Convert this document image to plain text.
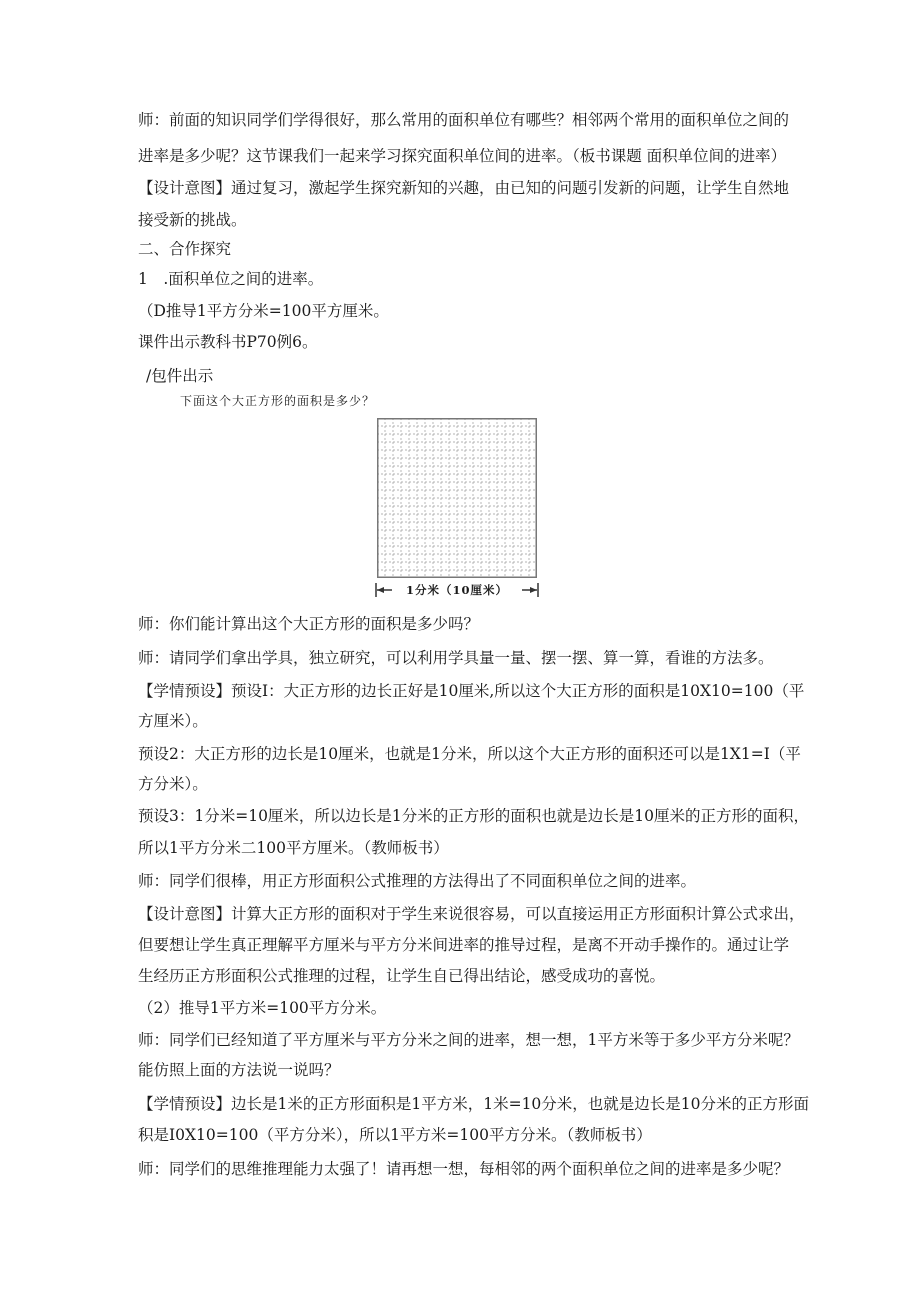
师：前面的知识同学们学得很好，那么常用的面积单位有哪些？相邻两个常用的面积单位之间的
进率是多少呢？这节课我们一起来学习探究面积单位间的进率。（板书课题 面积单位间的进率）
【设计意图】通过复习，激起学生探究新知的兴趣，由已知的问题引发新的问题，让学生自然地
接受新的挑战。
二、合作探究
1　.面积单位之间的进率。
（D推导1平方分米=100平方厘米。
课件出示教科书P70例6。
/包件出示
下面这个大正方形的面积是多少？
1分米（10厘米）
师：你们能计算出这个大正方形的面积是多少吗？
师：请同学们拿出学具，独立研究，可以利用学具量一量、摆一摆、算一算，看谁的方法多。
【学情预设】预设I：大正方形的边长正好是10厘米,所以这个大正方形的面积是10X10=100（平
方厘米）。
预设2：大正方形的边长是10厘米，也就是1分米，所以这个大正方形的面积还可以是1X1=I（平
方分米）。
预设3：1分米=10厘米，所以边长是1分米的正方形的面积也就是边长是10厘米的正方形的面积，
所以1平方分米二100平方厘米。（教师板书）
师：同学们很棒，用正方形面积公式推理的方法得出了不同面积单位之间的进率。
【设计意图】计算大正方形的面积对于学生来说很容易，可以直接运用正方形面积计算公式求出，
但要想让学生真正理解平方厘米与平方分米间进率的推导过程，是离不开动手操作的。通过让学
生经历正方形面积公式推理的过程，让学生自已得出结论，感受成功的喜悦。
（2）推导1平方米=100平方分米。
师：同学们已经知道了平方厘米与平方分米之间的进率，想一想，1平方米等于多少平方分米呢？
能仿照上面的方法说一说吗？
【学情预设】边长是1米的正方形面积是1平方米，1米=10分米，也就是边长是10分米的正方形面
积是I0X10=100（平方分米），所以1平方米=100平方分米。（教师板书）
师：同学们的思维推理能力太强了！请再想一想，每相邻的两个面积单位之间的进率是多少呢？
